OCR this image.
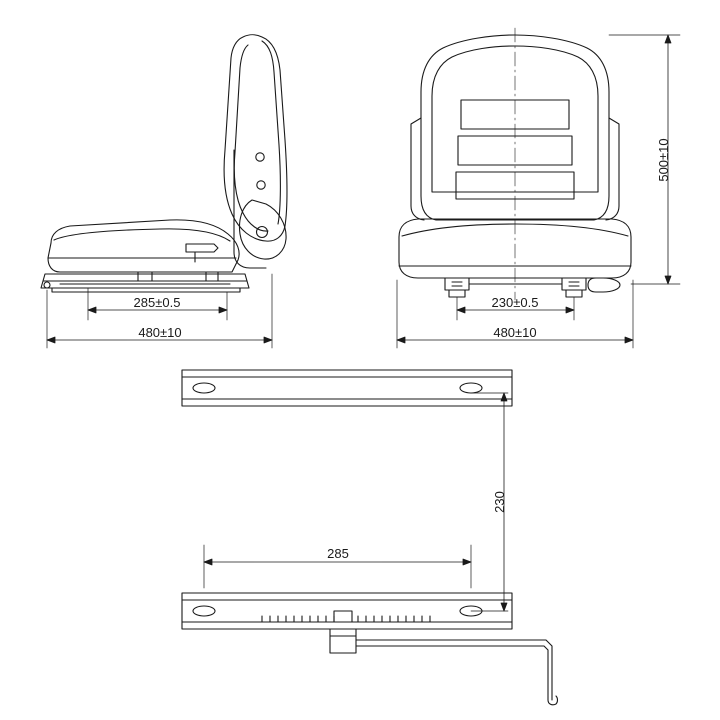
285±0.5
480±10
230±0.5
480±10
500±10
230
285
